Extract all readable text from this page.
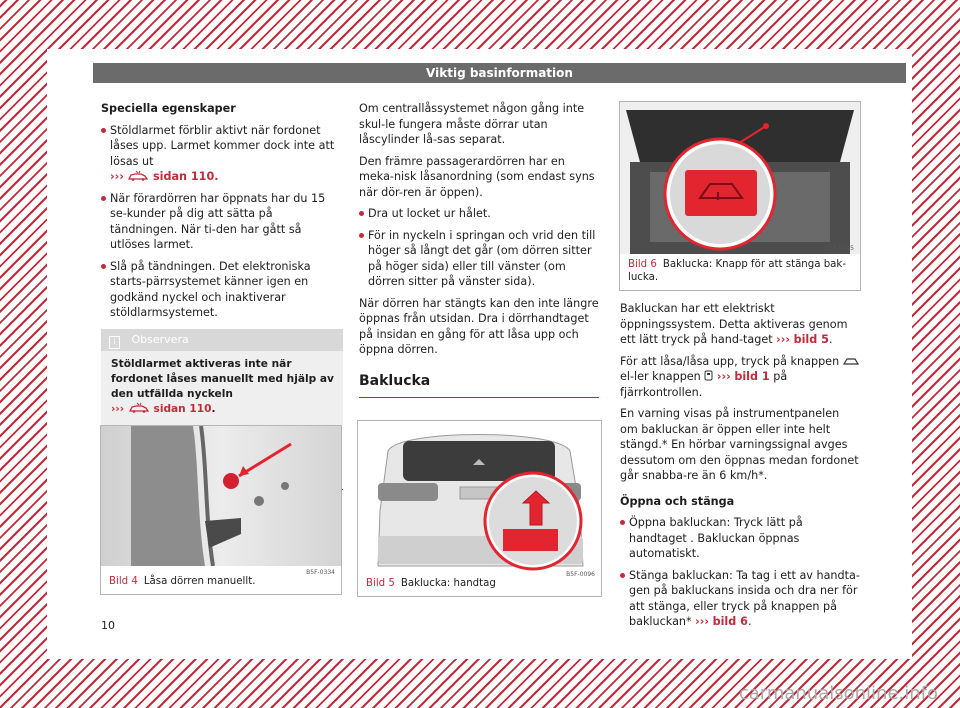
Viktig basinformation

Speciella egenskaper

Stöldlarmet förblir aktivt när fordonet låses upp. Larmet kommer dock inte att lösas ut
›››	sidan 110.
När förardörren har öppnats har du 15 se-kunder på dig att sätta på tändningen. När ti-den har gått så utlöses larmet.
Slå på tändningen. Det elektroniska starts-pärrsystemet känner igen en godkänd nyckel och inaktiverar stöldlarmsystemet.
i Observera
Stöldlarmet aktiveras inte när fordonet låses manuellt med hjälp av den utfällda nyckeln
›››	sidan 110.
B5F-0334
Bild 4 Låsa dörren manuellt.

Om centrallåssystemet någon gång inte skul-le fungera måste dörrar utan låscylinder lå-sas separat.

Den främre passagerardörren har en meka-nisk låsanordning (som endast syns när dör-ren är öppen).

Dra ut locket ur hålet.
För in nyckeln i springan och vrid den till höger så långt det går (om dörren sitter på höger sida) eller till vänster (om dörren sitter på vänster sida).

När dörren har stängts kan den inte längre öppnas från utsidan. Dra i dörrhandtaget på insidan en gång för att låsa upp och öppna dörren.

Baklucka
B5F-0096
Bild 5 Baklucka: handtag
B5F-0045
Bild 6 Baklucka: Knapp för att stänga bak-lucka.

Bakluckan har ett elektriskt öppningssystem. Detta aktiveras genom ett lätt tryck på hand-taget ››› bild 5.

För att låsa/låsa upp, tryck på knappen  el-ler knappen ››› bild 1 på fjärrkontrollen.

En varning visas på instrumentpanelen om bakluckan är öppen eller inte helt stängd.* En hörbar varningssignal avges dessutom om den öppnas medan fordonet går snabba-re än 6 km/h*.

Öppna och stänga

Öppna bakluckan: Tryck lätt på handtaget . Bakluckan öppnas automatiskt.
Stänga bakluckan: Ta tag i ett av handta-gen på bakluckans insida och dra ner för att stänga, eller tryck på knappen på bakluckan* ››› bild 6.
10
carmanualsonline.info
